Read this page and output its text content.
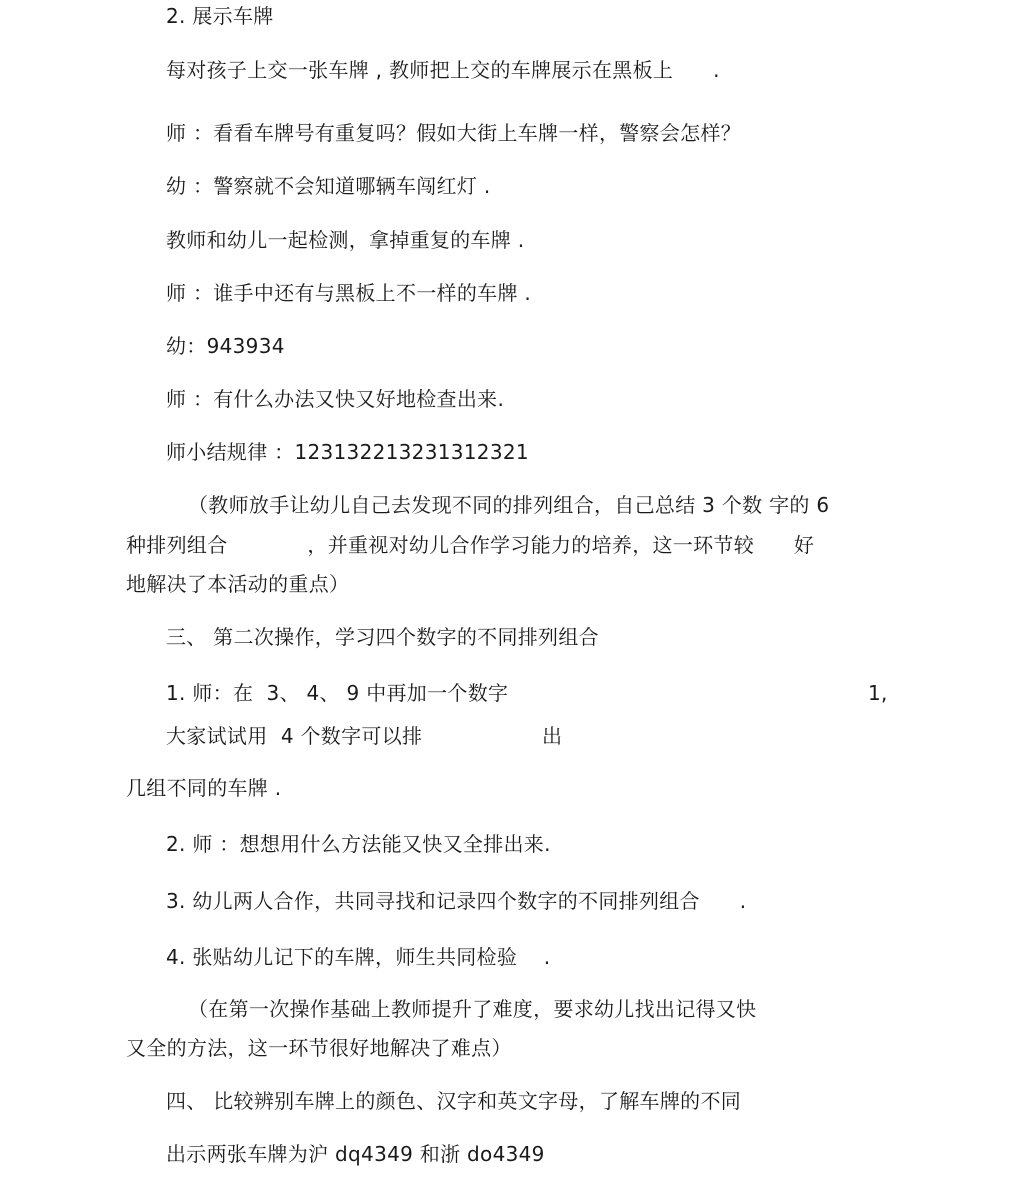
2. 展示车牌
每对孩子上交一张车牌 , 教师把上交的车牌展示在黑板上      .
师 ：看看车牌号有重复吗？假如大街上车牌一样，警察会怎样？
幼 ：警察就不会知道哪辆车闯红灯 .
教师和幼儿一起检测，拿掉重复的车牌 .
师 ：谁手中还有与黑板上不一样的车牌 .
幼：943934
师 ：有什么办法又快又好地检查出来.
师小结规律 ：123132213231312321
（教师放手让幼儿自己去发现不同的排列组合，自己总结 3 个数 字的 6
种排列组合            ，并重视对幼儿合作学习能力的培养，这一环节较      好
地解决了本活动的重点）
三、 第二次操作，学习四个数字的不同排列组合
1. 师：在  3、 4、 9 中再加一个数字	1,
大家试试用  4 个数字可以排	出
几组不同的车牌 .
2. 师 ：想想用什么方法能又快又全排出来.
3. 幼儿两人合作，共同寻找和记录四个数字的不同排列组合      .
4. 张贴幼儿记下的车牌，师生共同检验    .
（在第一次操作基础上教师提升了难度，要求幼儿找出记得又快
又全的方法，这一环节很好地解决了难点）
四、 比较辨别车牌上的颜色、汉字和英文字母，了解车牌的不同
出示两张车牌为沪 dq4349 和浙 do4349
